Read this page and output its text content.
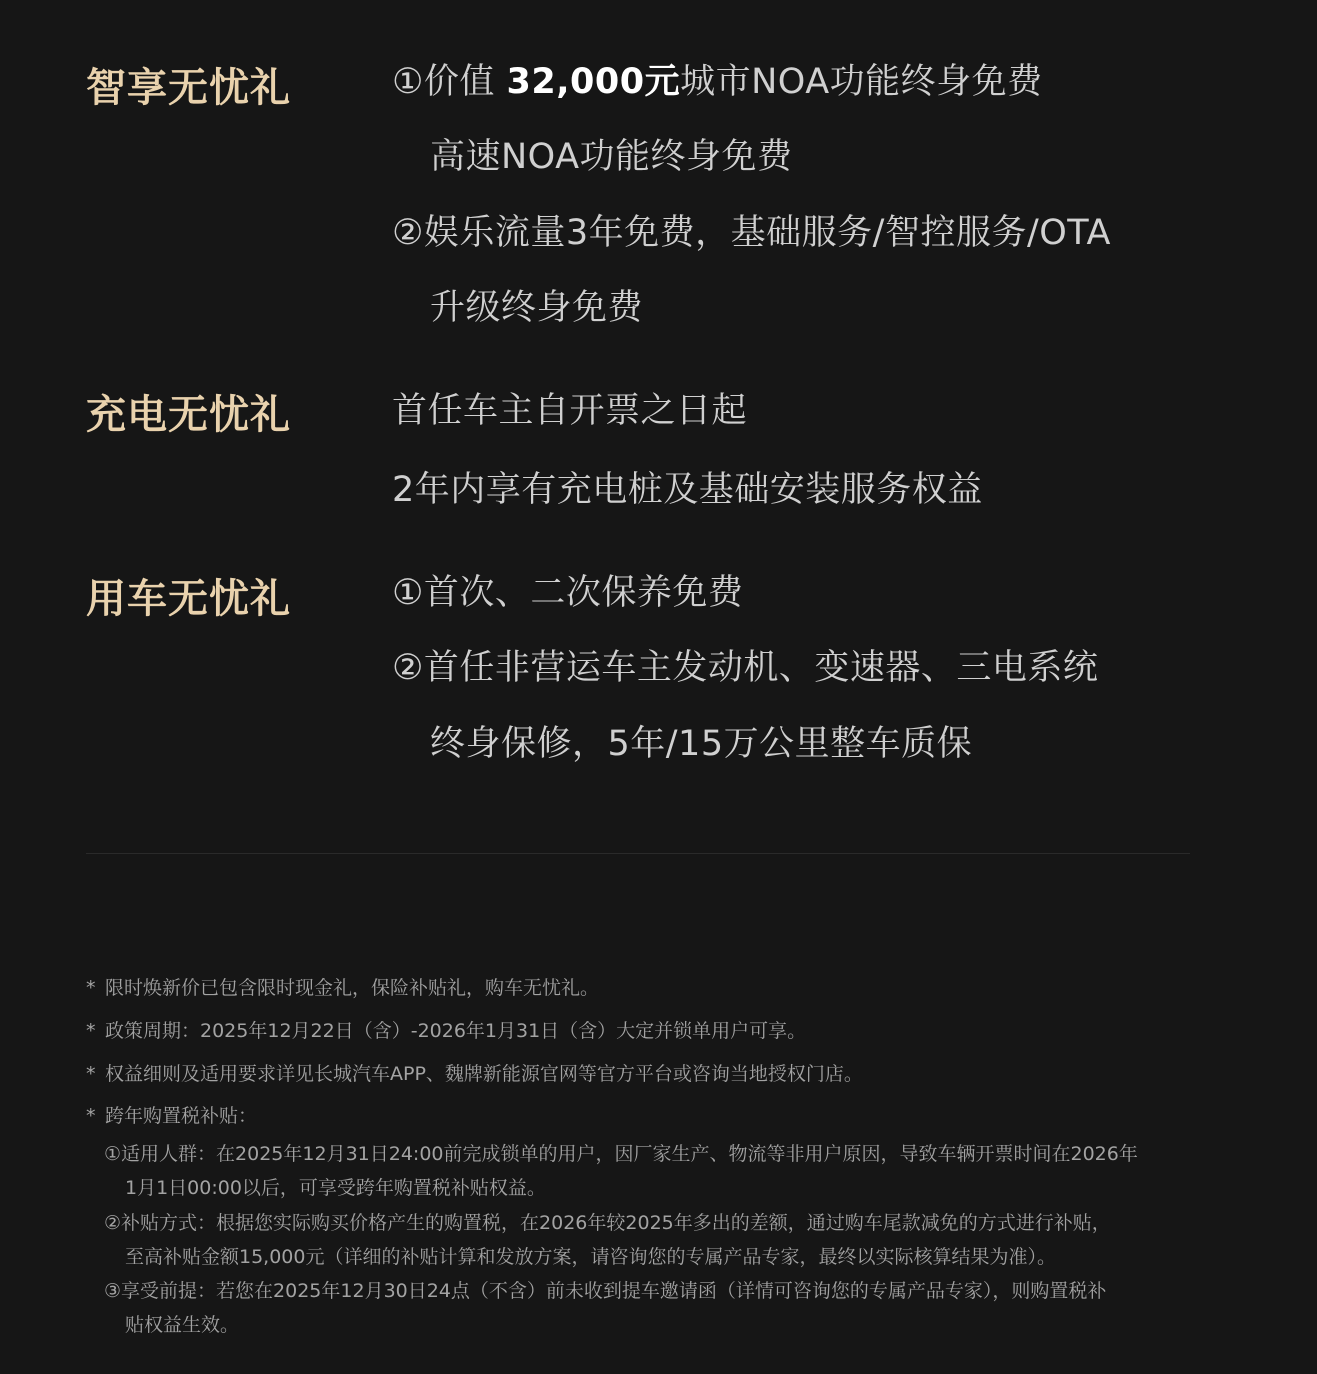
智享无忧礼	①价值 32,000元城市NOA功能终身免费
高速NOA功能终身免费
②娱乐流量3年免费，基础服务/智控服务/OTA
升级终身免费
充电无忧礼	首任车主自开票之日起
2年内享有充电桩及基础安装服务权益
用车无忧礼	①首次、二次保养免费
②首任非营运车主发动机、变速器、三电系统
终身保修，5年/15万公里整车质保
* 限时焕新价已包含限时现金礼，保险补贴礼，购车无忧礼。
* 政策周期：2025年12月22日（含）-2026年1月31日（含）大定并锁单用户可享。
* 权益细则及适用要求详见长城汽车APP、魏牌新能源官网等官方平台或咨询当地授权门店。
* 跨年购置税补贴：
①适用人群：在2025年12月31日24:00前完成锁单的用户，因厂家生产、物流等非用户原因，导致车辆开票时间在2026年
1月1日00:00以后，可享受跨年购置税补贴权益。
②补贴方式：根据您实际购买价格产生的购置税，在2026年较2025年多出的差额，通过购车尾款减免的方式进行补贴，
至高补贴金额15,000元（详细的补贴计算和发放方案，请咨询您的专属产品专家，最终以实际核算结果为准）。
③享受前提：若您在2025年12月30日24点（不含）前未收到提车邀请函（详情可咨询您的专属产品专家），则购置税补
贴权益生效。
